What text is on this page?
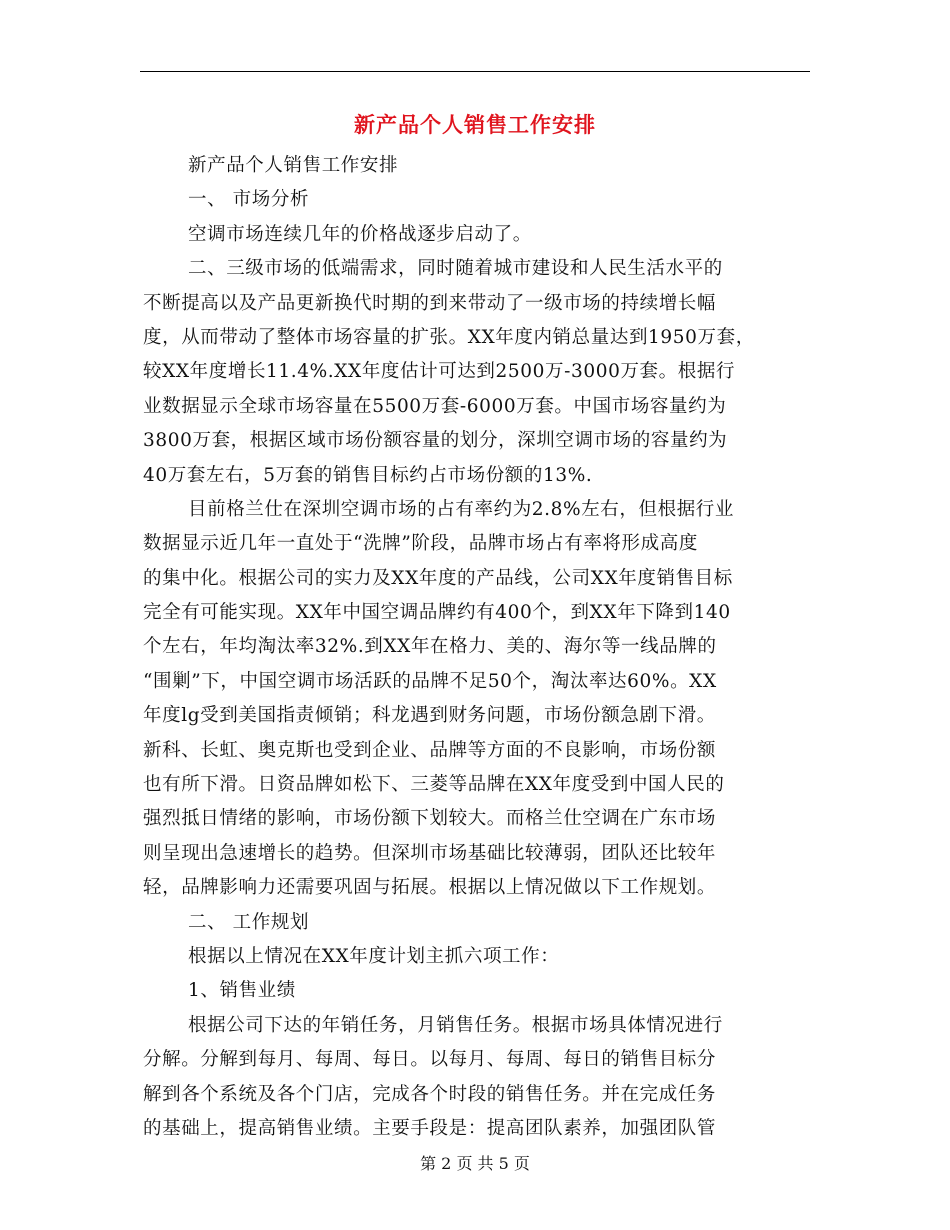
新产品个人销售工作安排
新产品个人销售工作安排
一、 市场分析
空调市场连续几年的价格战逐步启动了。
二、三级市场的低端需求，同时随着城市建设和人民生活水平的
不断提高以及产品更新换代时期的到来带动了一级市场的持续增长幅
度，从而带动了整体市场容量的扩张。XX年度内销总量达到1950万套，
较XX年度增长11.4%.XX年度估计可达到2500万-3000万套。根据行
业数据显示全球市场容量在5500万套-6000万套。中国市场容量约为
3800万套，根据区域市场份额容量的划分，深圳空调市场的容量约为
40万套左右，5万套的销售目标约占市场份额的13%.
目前格兰仕在深圳空调市场的占有率约为2.8%左右，但根据行业
数据显示近几年一直处于“洗牌”阶段，品牌市场占有率将形成高度
的集中化。根据公司的实力及XX年度的产品线，公司XX年度销售目标
完全有可能实现。XX年中国空调品牌约有400个，到XX年下降到140
个左右，年均淘汰率32%.到XX年在格力、美的、海尔等一线品牌的
“围剿”下，中国空调市场活跃的品牌不足50个，淘汰率达60%。XX
年度lg受到美国指责倾销；科龙遇到财务问题，市场份额急剧下滑。
新科、长虹、奥克斯也受到企业、品牌等方面的不良影响，市场份额
也有所下滑。日资品牌如松下、三菱等品牌在XX年度受到中国人民的
强烈抵日情绪的影响，市场份额下划较大。而格兰仕空调在广东市场
则呈现出急速增长的趋势。但深圳市场基础比较薄弱，团队还比较年
轻，品牌影响力还需要巩固与拓展。根据以上情况做以下工作规划。
二、 工作规划
根据以上情况在XX年度计划主抓六项工作：
1、销售业绩
根据公司下达的年销任务，月销售任务。根据市场具体情况进行
分解。分解到每月、每周、每日。以每月、每周、每日的销售目标分
解到各个系统及各个门店，完成各个时段的销售任务。并在完成任务
的基础上，提高销售业绩。主要手段是：提高团队素养，加强团队管
第 2 页 共 5 页
